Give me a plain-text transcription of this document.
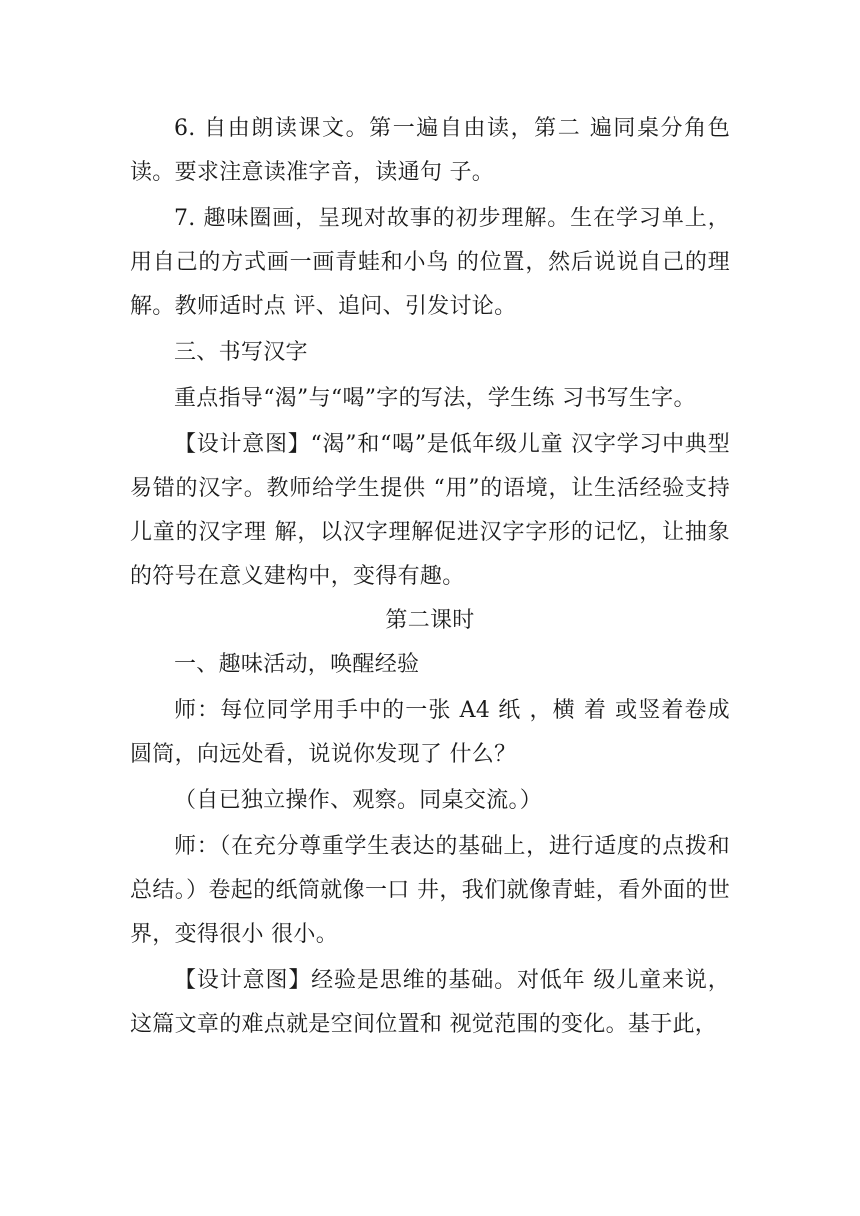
6. 自由朗读课文。第一遍自由读，第二 遍同桌分角色读。要求注意读准字音，读通句 子。

7. 趣味圈画，呈现对故事的初步理解。生在学习单上，用自己的方式画一画青蛙和小鸟 的位置，然后说说自己的理解。教师适时点 评、追问、引发讨论。

三、书写汉字

重点指导“渴”与“喝”字的写法，学生练 习书写生字。

【设计意图】“渴”和“喝”是低年级儿童 汉字学习中典型易错的汉字。教师给学生提供 “用”的语境，让生活经验支持儿童的汉字理 解，以汉字理解促进汉字字形的记忆，让抽象 的符号在意义建构中，变得有趣。

第二课时

一、趣味活动，唤醒经验

师：每位同学用手中的一张 A4 纸 ，横 着 或竖着卷成圆筒，向远处看，说说你发现了 什么？

（自已独立操作、观察。同桌交流。）

师：（在充分尊重学生表达的基础上，进行适度的点拨和总结。）卷起的纸筒就像一口 井，我们就像青蛙，看外面的世界，变得很小 很小。

【设计意图】经验是思维的基础。对低年 级儿童来说，这篇文章的难点就是空间位置和 视觉范围的变化。基于此，
